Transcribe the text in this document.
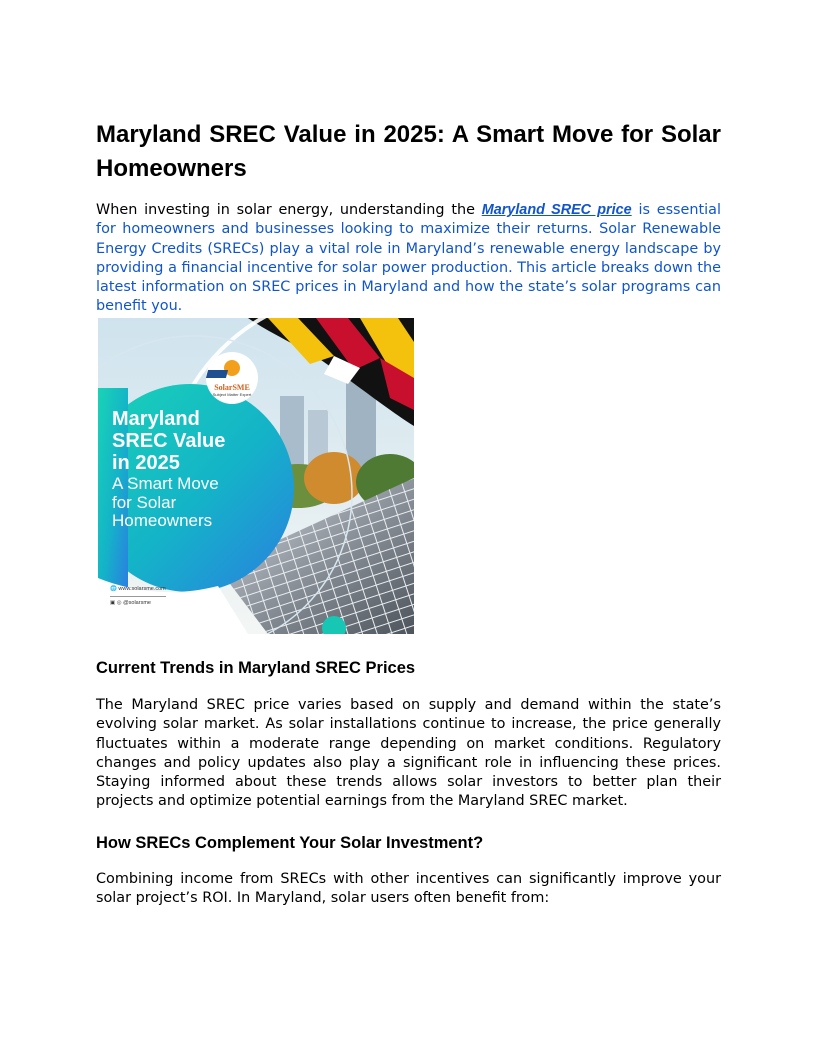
Maryland SREC Value in 2025: A Smart Move for Solar Homeowners

When investing in solar energy, understanding the Maryland SREC price is essential for homeowners and businesses looking to maximize their returns. Solar Renewable Energy Credits (SRECs) play a vital role in Maryland’s renewable energy landscape by providing a financial incentive for solar power production. This article breaks down the latest information on SREC prices in Maryland and how the state’s solar programs can benefit you.

SolarSME
Subject Matter Expert
Maryland
SREC Value
in 2025
A Smart Move
for Solar
Homeowners
🌐 www.solarsme.com
▣ ◎ @solarsme
Current Trends in Maryland SREC Prices

The Maryland SREC price varies based on supply and demand within the state’s evolving solar market. As solar installations continue to increase, the price generally fluctuates within a moderate range depending on market conditions. Regulatory changes and policy updates also play a significant role in influencing these prices. Staying informed about these trends allows solar investors to better plan their projects and optimize potential earnings from the Maryland SREC market.

How SRECs Complement Your Solar Investment?

Combining income from SRECs with other incentives can significantly improve your solar project’s ROI. In Maryland, solar users often benefit from:
